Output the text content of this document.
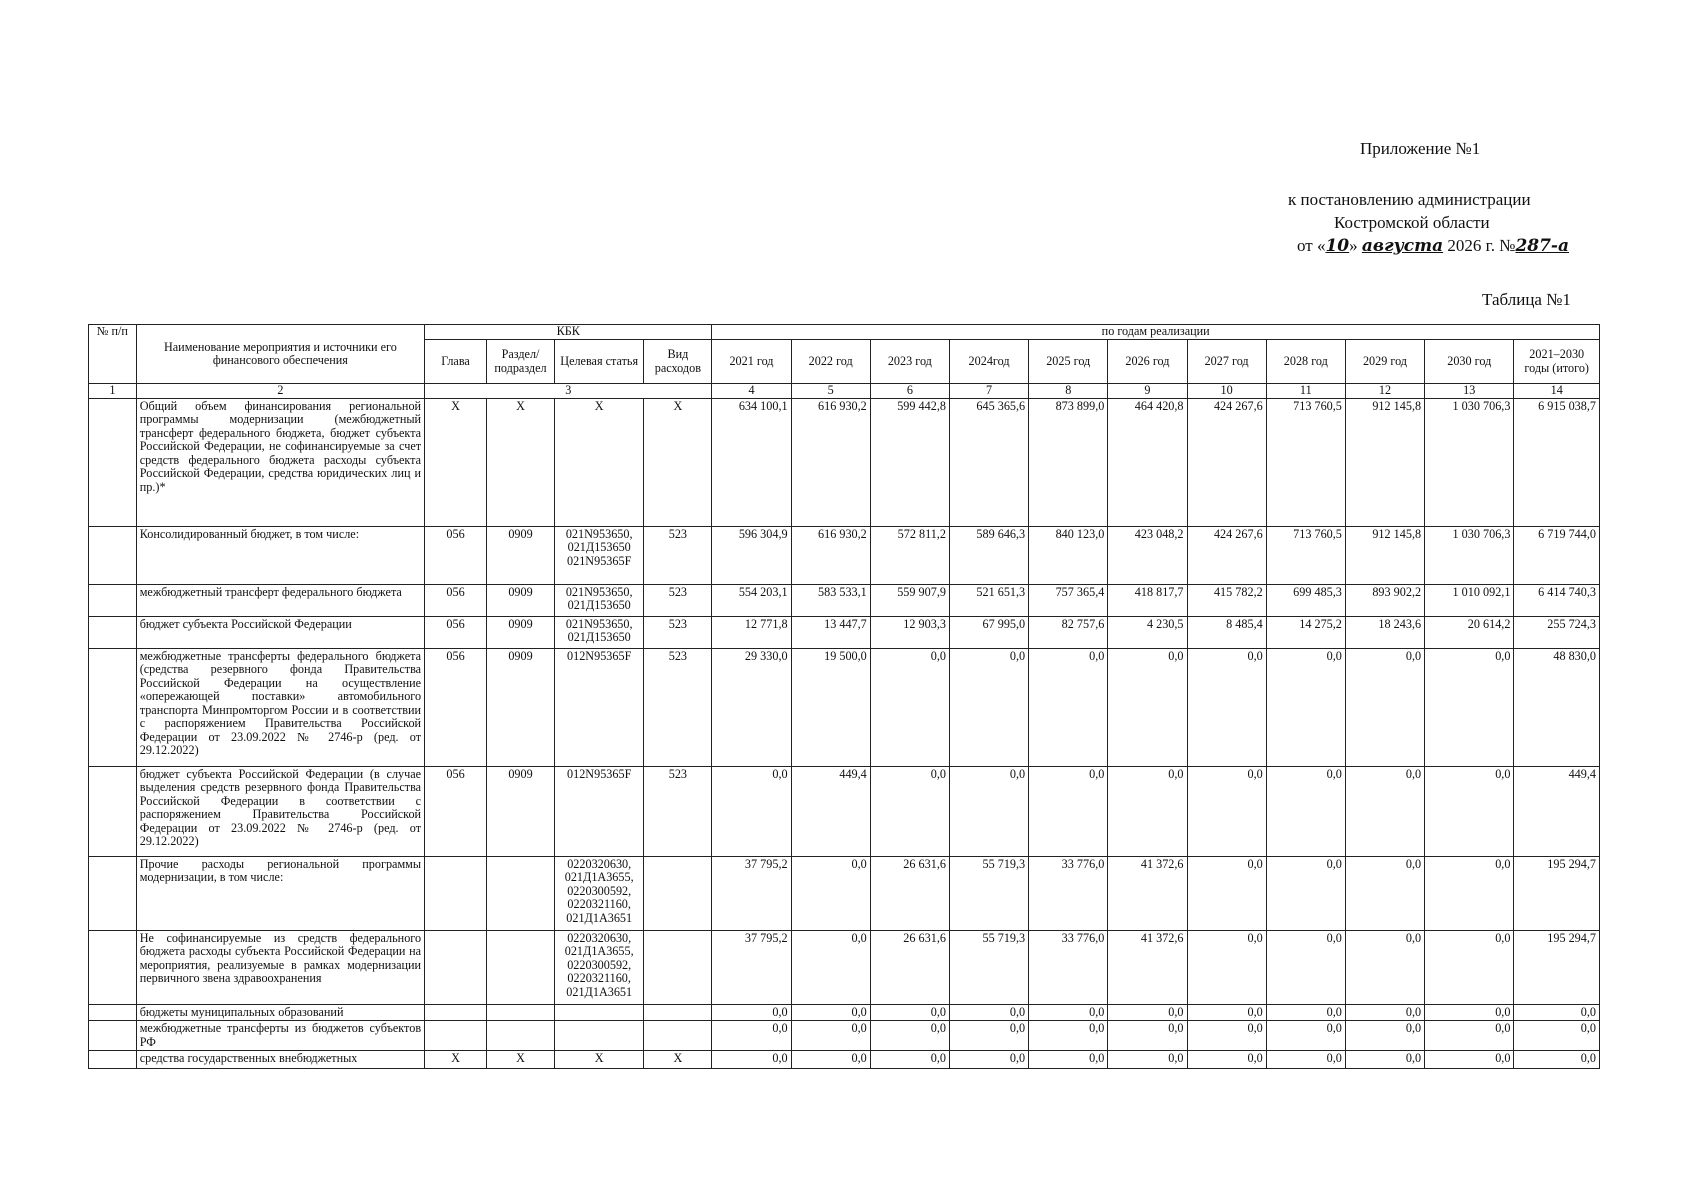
Приложение №1
к постановлению администрации
Костромской области
от «10» августа 2026 г. №287-а
Таблица №1
№ п/п	Наименование мероприятия и источники его финансового обеспечения	КБК				по годам реализации										
		Глава	Раздел/ подраздел	Целевая статья	Вид расходов	2021 год	2022 год	2023 год	2024год	2025 год	2026 год	2027 год	2028 год	2029 год	2030 год	2021–2030 годы (итого)
1	2	3				4	5	6	7	8	9	10	11	12	13	14
	Общий объем финансирования региональной программы модернизации (межбюджетный трансферт федерального бюджета, бюджет субъекта Российской Федерации, не софинансируемые за счет средств федерального бюджета расходы субъекта Российской Федерации, средства юридических лиц и пр.)*	X	X	X	X	634 100,1	616 930,2	599 442,8	645 365,6	873 899,0	464 420,8	424 267,6	713 760,5	912 145,8	1 030 706,3	6 915 038,7
	Консолидированный бюджет, в том числе:	056	0909	021N953650, 021Д153650 021N95365F	523	596 304,9	616 930,2	572 811,2	589 646,3	840 123,0	423 048,2	424 267,6	713 760,5	912 145,8	1 030 706,3	6 719 744,0
	межбюджетный трансферт федерального бюджета	056	0909	021N953650, 021Д153650	523	554 203,1	583 533,1	559 907,9	521 651,3	757 365,4	418 817,7	415 782,2	699 485,3	893 902,2	1 010 092,1	6 414 740,3
	бюджет субъекта Российской Федерации	056	0909	021N953650, 021Д153650	523	12 771,8	13 447,7	12 903,3	67 995,0	82 757,6	4 230,5	8 485,4	14 275,2	18 243,6	20 614,2	255 724,3
	межбюджетные трансферты федерального бюджета (средства резервного фонда Правительства Российской Федерации на осуществление «опережающей поставки» автомобильного транспорта Минпромторгом России и в соответствии с распоряжением Правительства Российской Федерации от 23.09.2022 № 2746-р (ред. от 29.12.2022)	056	0909	012N95365F	523	29 330,0	19 500,0	0,0	0,0	0,0	0,0	0,0	0,0	0,0	0,0	48 830,0
	бюджет субъекта Российской Федерации (в случае выделения средств резервного фонда Правительства Российской Федерации в соответствии с распоряжением Правительства Российской Федерации от 23.09.2022 № 2746-р (ред. от 29.12.2022)	056	0909	012N95365F	523	0,0	449,4	0,0	0,0	0,0	0,0	0,0	0,0	0,0	0,0	449,4
	Прочие расходы региональной программы модернизации, в том числе:			0220320630, 021Д1А3655, 0220300592, 0220321160, 021Д1А3651		37 795,2	0,0	26 631,6	55 719,3	33 776,0	41 372,6	0,0	0,0	0,0	0,0	195 294,7
	Не софинансируемые из средств федерального бюджета расходы субъекта Российской Федерации на мероприятия, реализуемые в рамках модернизации первичного звена здравоохранения			0220320630, 021Д1А3655, 0220300592, 0220321160, 021Д1А3651		37 795,2	0,0	26 631,6	55 719,3	33 776,0	41 372,6	0,0	0,0	0,0	0,0	195 294,7
	бюджеты муниципальных образований					0,0	0,0	0,0	0,0	0,0	0,0	0,0	0,0	0,0	0,0	0,0
	межбюджетные трансферты из бюджетов субъектов РФ					0,0	0,0	0,0	0,0	0,0	0,0	0,0	0,0	0,0	0,0	0,0
	средства государственных внебюджетных	X	X	X	X	0,0	0,0	0,0	0,0	0,0	0,0	0,0	0,0	0,0	0,0	0,0
